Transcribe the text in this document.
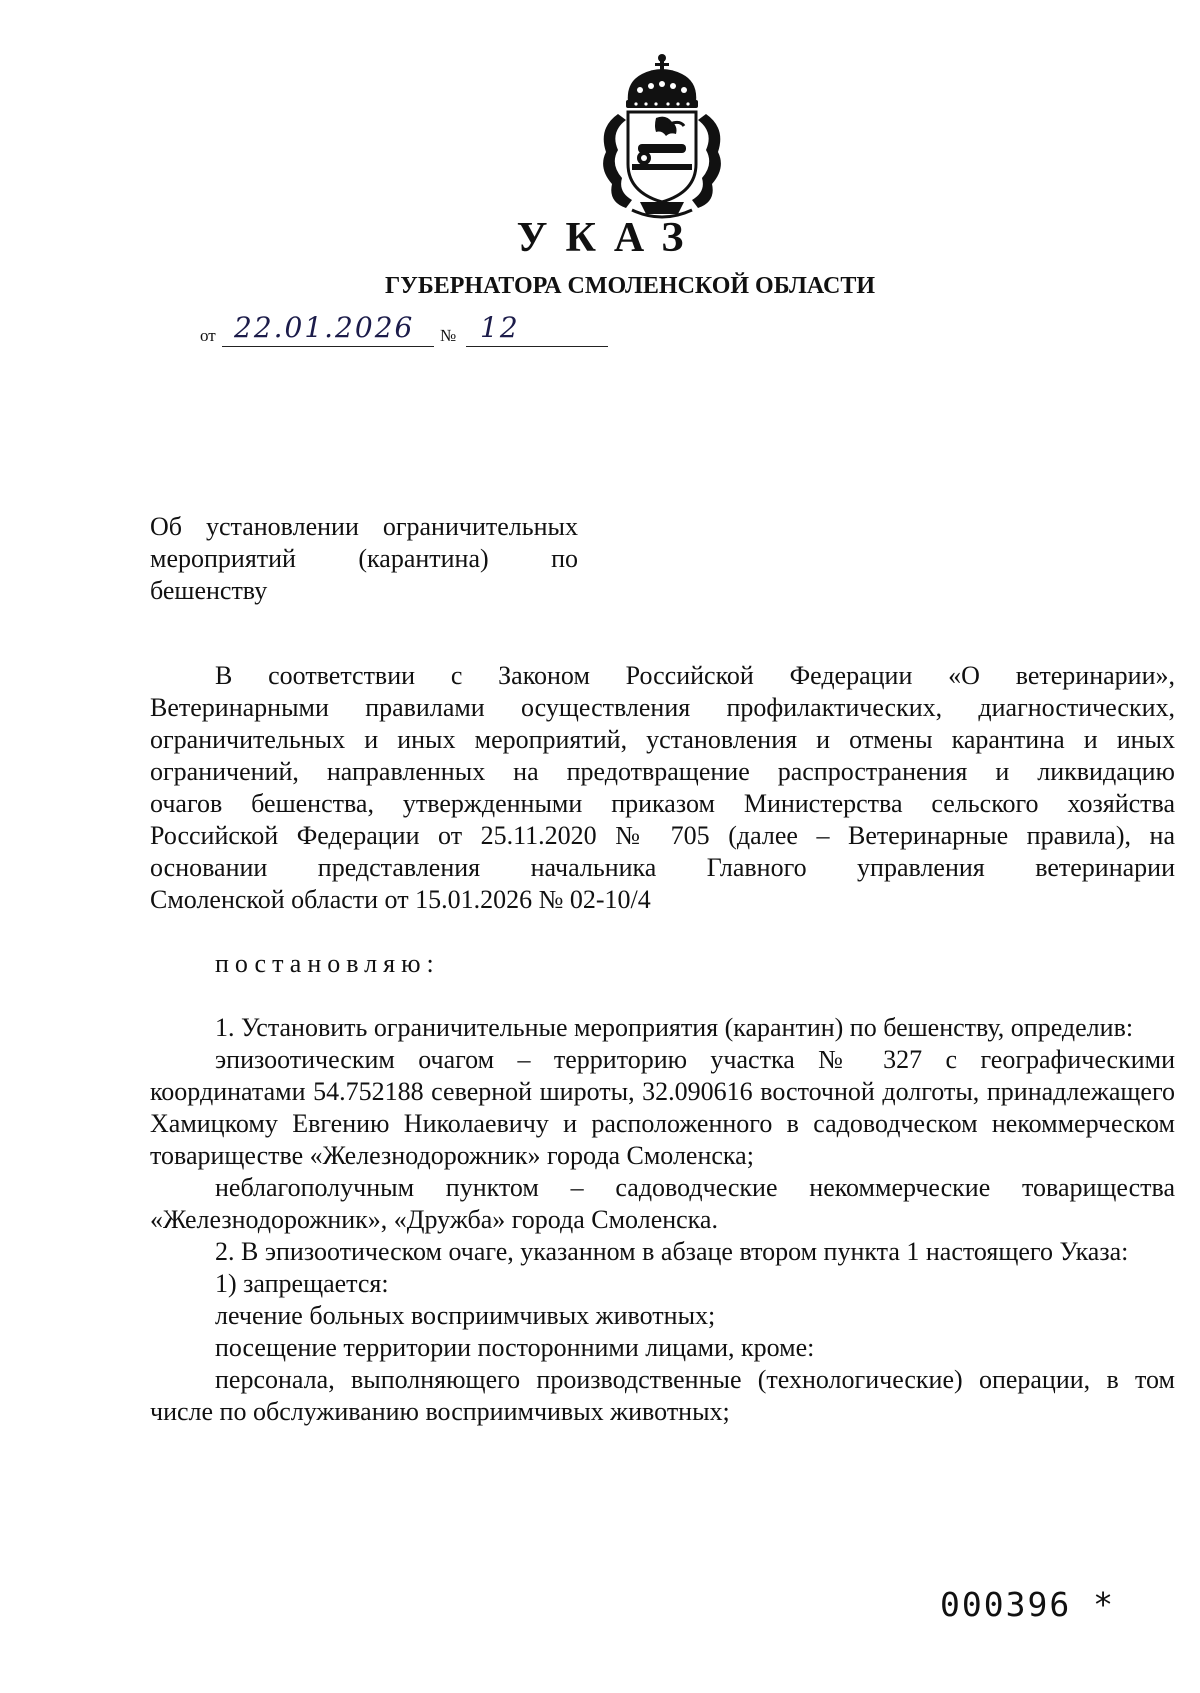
УКАЗ
ГУБЕРНАТОРА СМОЛЕНСКОЙ ОБЛАСТИ
от 22.01.2026 № 12
Об установлении ограничительных
мероприятий (карантина) по
бешенству

В соответствии с Законом Российской Федерации «О ветеринарии»,

Ветеринарными правилами осуществления профилактических, диагностических,

ограничительных и иных мероприятий, установления и отмены карантина и иных

ограничений, направленных на предотвращение распространения и ликвидацию

очагов бешенства, утвержденными приказом Министерства сельского хозяйства

Российской Федерации от 25.11.2020 № 705 (далее – Ветеринарные правила), на

основании представления начальника Главного управления ветеринарии

Смоленской области от 15.01.2026 № 02-10/4

постановляю:

1. Установить ограничительные мероприятия (карантин) по бешенству, определив:

эпизоотическим очагом – территорию участка № 327 с географическими координатами 54.752188 северной широты, 32.090616 восточной долготы, принадлежащего Хамицкому Евгению Николаевичу и расположенного в садоводческом некоммерческом товариществе «Железнодорожник» города Смоленска;

неблагополучным пунктом – садоводческие некоммерческие товарищества «Железнодорожник», «Дружба» города Смоленска.

2. В эпизоотическом очаге, указанном в абзаце втором пункта 1 настоящего Указа:

1) запрещается:

лечение больных восприимчивых животных;

посещение территории посторонними лицами, кроме:

персонала, выполняющего производственные (технологические) операции, в том числе по обслуживанию восприимчивых животных;

000396 *
